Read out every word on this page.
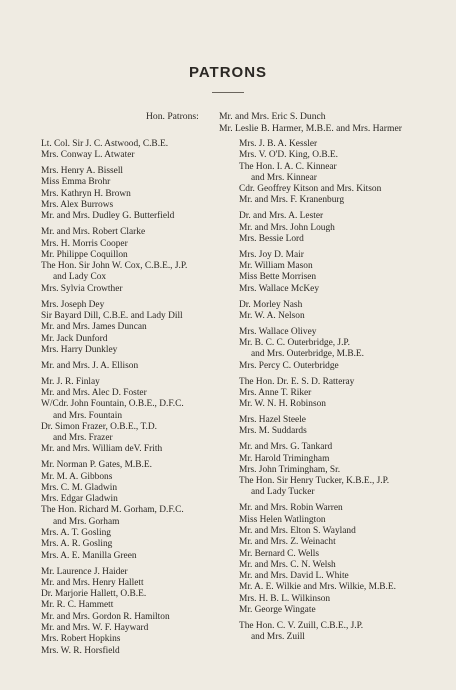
PATRONS
Hon. Patrons:	Mr. and Mrs. Eric S. Dunch
Mr. Leslie B. Harmer, M.B.E. and Mrs. Harmer
Lt. Col. Sir J. C. Astwood, C.B.E.
Mrs. Conway L. Atwater
Mrs. Henry A. Bissell
Miss Emma Brohr
Mrs. Kathryn H. Brown
Mrs. Alex Burrows
Mr. and Mrs. Dudley G. Butterfield
Mr. and Mrs. Robert Clarke
Mrs. H. Morris Cooper
Mr. Philippe Coquillon
The Hon. Sir John W. Cox, C.B.E., J.P.
and Lady Cox
Mrs. Sylvia Crowther
Mrs. Joseph Dey
Sir Bayard Dill, C.B.E. and Lady Dill
Mr. and Mrs. James Duncan
Mr. Jack Dunford
Mrs. Harry Dunkley
Mr. and Mrs. J. A. Ellison
Mr. J. R. Finlay
Mr. and Mrs. Alec D. Foster
W/Cdr. John Fountain, O.B.E., D.F.C.
and Mrs. Fountain
Dr. Simon Frazer, O.B.E., T.D.
and Mrs. Frazer
Mr. and Mrs. William deV. Frith
Mr. Norman P. Gates, M.B.E.
Mr. M. A. Gibbons
Mrs. C. M. Gladwin
Mrs. Edgar Gladwin
The Hon. Richard M. Gorham, D.F.C.
and Mrs. Gorham
Mrs. A. T. Gosling
Mrs. A. R. Gosling
Mrs. A. E. Manilla Green
Mr. Laurence J. Haider
Mr. and Mrs. Henry Hallett
Dr. Marjorie Hallett, O.B.E.
Mr. R. C. Hammett
Mr. and Mrs. Gordon R. Hamilton
Mr. and Mrs. W. F. Hayward
Mrs. Robert Hopkins
Mrs. W. R. Horsfield
Mrs. J. B. A. Kessler
Mrs. V. O'D. King, O.B.E.
The Hon. I. A. C. Kinnear
and Mrs. Kinnear
Cdr. Geoffrey Kitson and Mrs. Kitson
Mr. and Mrs. F. Kranenburg
Dr. and Mrs. A. Lester
Mr. and Mrs. John Lough
Mrs. Bessie Lord
Mrs. Joy D. Mair
Mr. William Mason
Miss Bette Morrisen
Mrs. Wallace McKey
Dr. Morley Nash
Mr. W. A. Nelson
Mrs. Wallace Olivey
Mr. B. C. C. Outerbridge, J.P.
and Mrs. Outerbridge, M.B.E.
Mrs. Percy C. Outerbridge
The Hon. Dr. E. S. D. Ratteray
Mrs. Anne T. Riker
Mr. W. N. H. Robinson
Mrs. Hazel Steele
Mrs. M. Suddards
Mr. and Mrs. G. Tankard
Mr. Harold Trimingham
Mrs. John Trimingham, Sr.
The Hon. Sir Henry Tucker, K.B.E., J.P.
and Lady Tucker
Mr. and Mrs. Robin Warren
Miss Helen Watlington
Mr. and Mrs. Elton S. Wayland
Mr. and Mrs. Z. Weinacht
Mr. Bernard C. Wells
Mr. and Mrs. C. N. Welsh
Mr. and Mrs. David L. White
Mr. A. E. Wilkie and Mrs. Wilkie, M.B.E.
Mrs. H. B. L. Wilkinson
Mr. George Wingate
The Hon. C. V. Zuill, C.B.E., J.P.
and Mrs. Zuill
